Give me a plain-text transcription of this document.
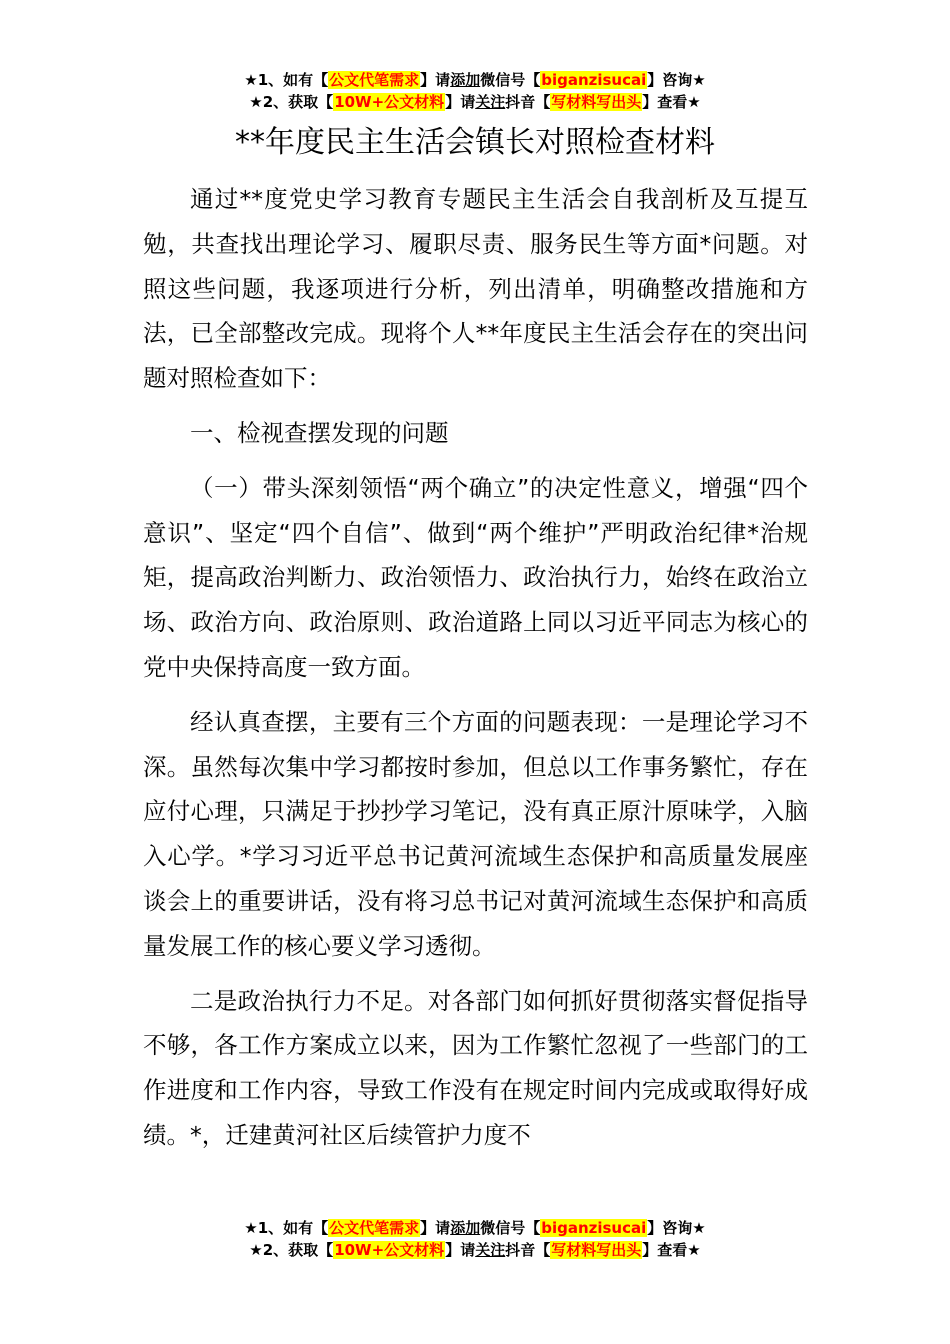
★1、如有【公文代笔需求】请添加微信号【biganzisucai】咨询★
★2、获取【10W+公文材料】请关注抖音【写材料写出头】查看★
**年度民主生活会镇长对照检查材料

通过**度党史学习教育专题民主生活会自我剖析及互提互勉，共查找出理论学习、履职尽责、服务民生等方面*问题。对照这些问题，我逐项进行分析，列出清单，明确整改措施和方法，已全部整改完成。现将个人**年度民主生活会存在的突出问题对照检查如下：

一、检视查摆发现的问题

（一）带头深刻领悟“两个确立”的决定性意义，增强“四个意识”、坚定“四个自信”、做到“两个维护”严明政治纪律*治规矩，提高政治判断力、政治领悟力、政治执行力，始终在政治立场、政治方向、政治原则、政治道路上同以习近平同志为核心的党中央保持高度一致方面。

经认真查摆，主要有三个方面的问题表现：一是理论学习不深。虽然每次集中学习都按时参加，但总以工作事务繁忙，存在应付心理，只满足于抄抄学习笔记，没有真正原汁原味学，入脑入心学。*学习习近平总书记黄河流域生态保护和高质量发展座谈会上的重要讲话，没有将习总书记对黄河流域生态保护和高质量发展工作的核心要义学习透彻。

二是政治执行力不足。对各部门如何抓好贯彻落实督促指导不够，各工作方案成立以来，因为工作繁忙忽视了一些部门的工作进度和工作内容，导致工作没有在规定时间内完成或取得好成绩。*，迁建黄河社区后续管护力度不

★1、如有【公文代笔需求】请添加微信号【biganzisucai】咨询★
★2、获取【10W+公文材料】请关注抖音【写材料写出头】查看★
